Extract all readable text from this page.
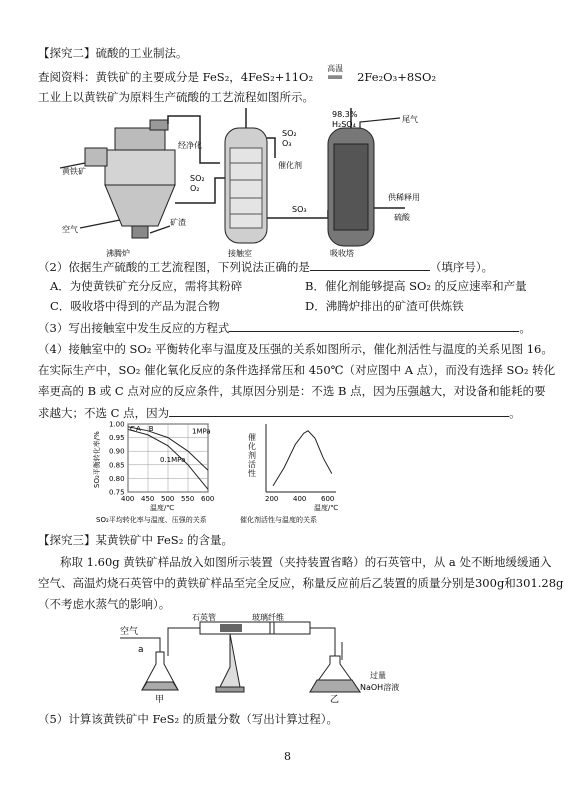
【探究二】硫酸的工业制法。
查阅资料：黄铁矿的主要成分是 FeS₂，4FeS₂+11O₂
高温
══ 2Fe₂O₃+8SO₂
工业上以黄铁矿为原料生产硫酸的工艺流程如图所示。
黄铁矿
空气
矿渣
经净化
SO₂
O₂
SO₂
O₃
催化剂
SO₃
98.3%
H₂SO₄
尾气
供稀释用
硫酸
沸腾炉	接触室	吸收塔
（2）依据生产硫酸的工艺流程图，下列说法正确的是	（填序号）。
A．为使黄铁矿充分反应，需将其粉碎	B．催化剂能够提高 SO₂ 的反应速率和产量
C．吸收塔中得到的产品为混合物	D．沸腾炉排出的矿渣可供炼铁
（3）写出接触室中发生反应的方程式	。
（4）接触室中的 SO₂ 平衡转化率与温度及压强的关系如图所示，催化剂活性与温度的关系见图 16。
在实际生产中，SO₂ 催化氧化反应的条件选择常压和 450℃（对应图中 A 点），而没有选择 SO₂ 转化
率更高的 B 或 C 点对应的反应条件，其原因分别是：不选 B 点，因为压强越大，对设备和能耗的要
求越大；不选 C 点，因为	。
400 450 500 550 600
0.75
0.80
0.85
0.90
0.95
1.00
1MPa
0.1MPa
C A B
温度/℃
SO₂平衡转化率/%
SO₂平均转化率与温度、压强的关系
200 400 600
温度/℃
催
化
剂
活
性
催化剂活性与温度的关系
【探究三】某黄铁矿中 FeS₂ 的含量。
称取 1.60g 黄铁矿样品放入如图所示装置（夹持装置省略）的石英管中，从 a 处不断地缓缓通入
空气、高温灼烧石英管中的黄铁矿样品至完全反应，称量反应前后乙装置的质量分别是300g和301.28g
（不考虑水蒸气的影响）。
空气
a
石英管	玻璃纤维
过量
NaOH溶液
甲	乙
（5）计算该黄铁矿中 FeS₂ 的质量分数（写出计算过程）。
8
